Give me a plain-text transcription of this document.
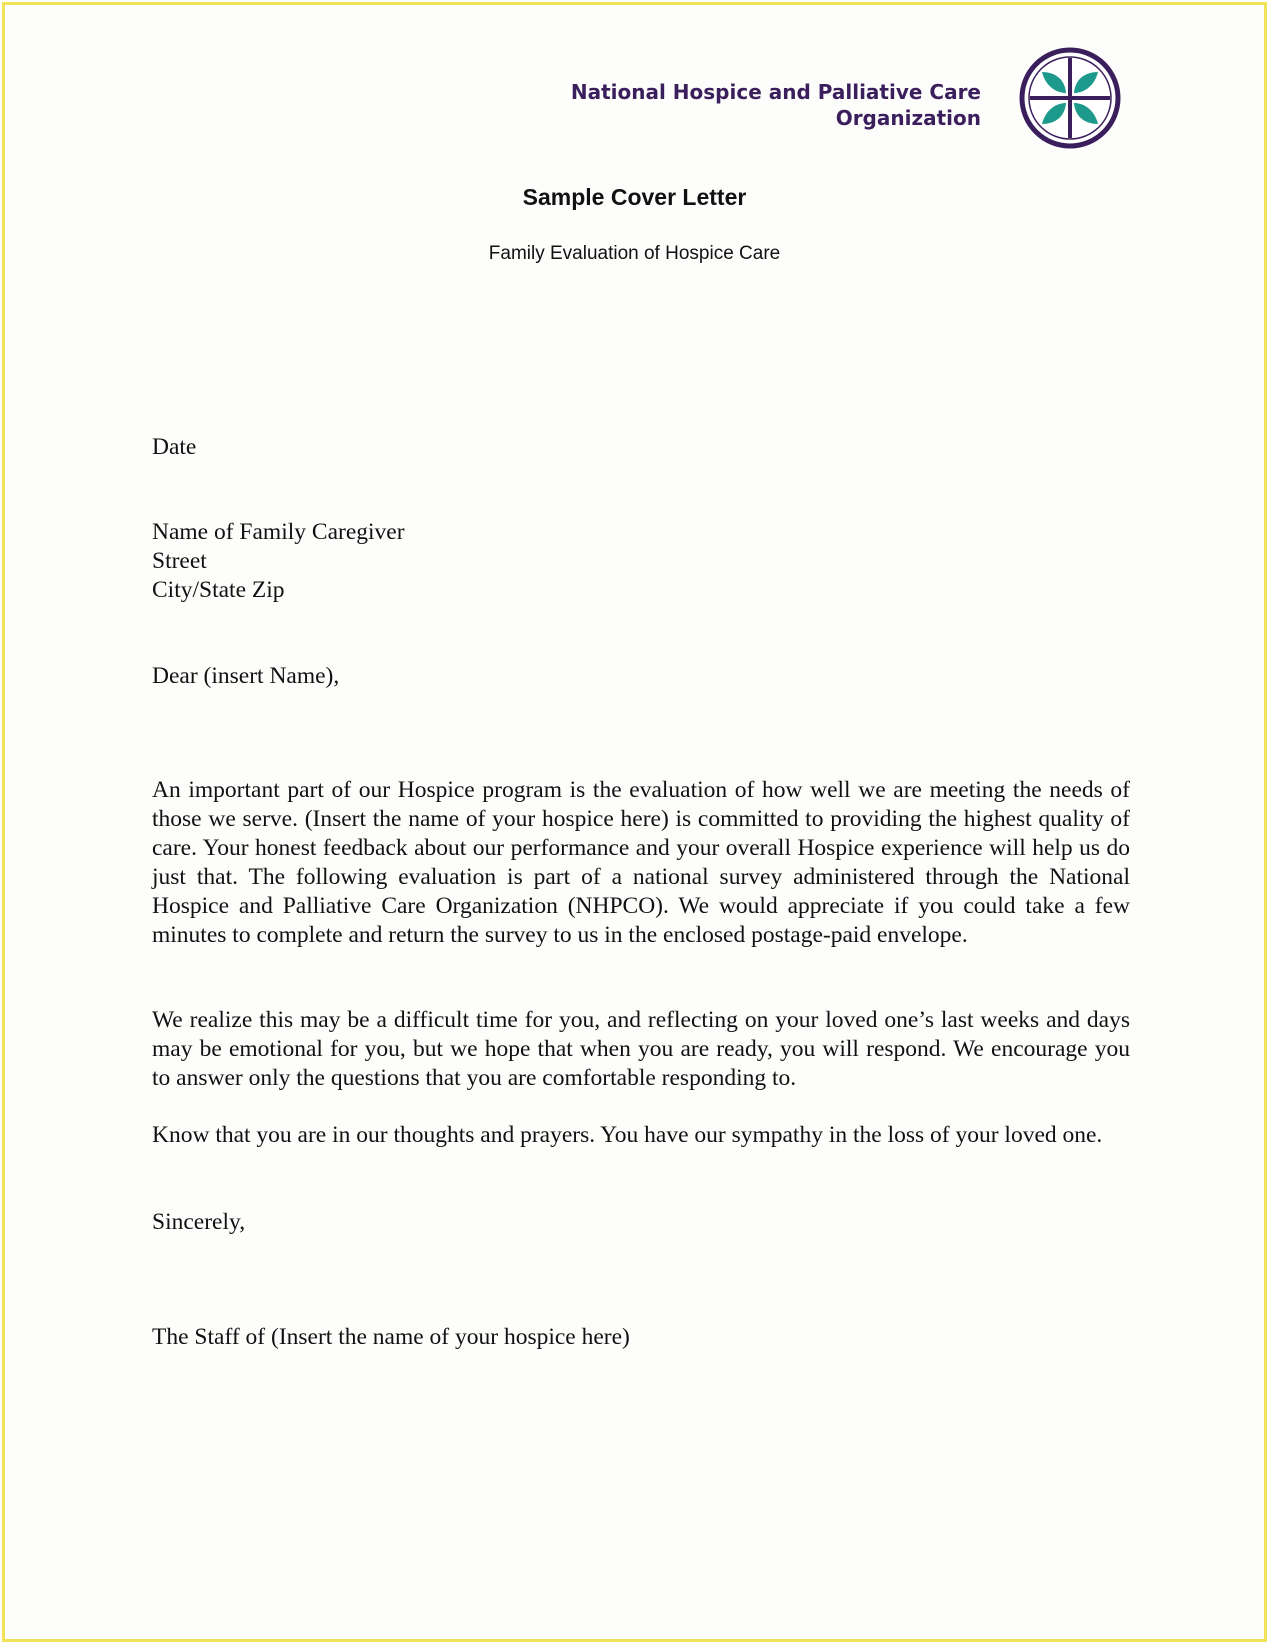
National Hospice and Palliative Care
Organization
Sample Cover Letter
Family Evaluation of Hospice Care
Date
Name of Family Caregiver
Street
City/State Zip
Dear (insert Name),
An important part of our Hospice program is the evaluation of how well we are meeting the needs of those we serve. (Insert the name of your hospice here) is committed to providing the highest quality of care. Your honest feedback about our performance and your overall Hospice experience will help us do just that. The following evaluation is part of a national survey administered through the National Hospice and Palliative Care Organization (NHPCO). We would appreciate if you could take a few minutes to complete and return the survey to us in the enclosed postage-paid envelope.
We realize this may be a difficult time for you, and reflecting on your loved one’s last weeks and days may be emotional for you, but we hope that when you are ready, you will respond. We encourage you to answer only the questions that you are comfortable responding to.
Know that you are in our thoughts and prayers. You have our sympathy in the loss of your loved one.
Sincerely,
The Staff of (Insert the name of your hospice here)
